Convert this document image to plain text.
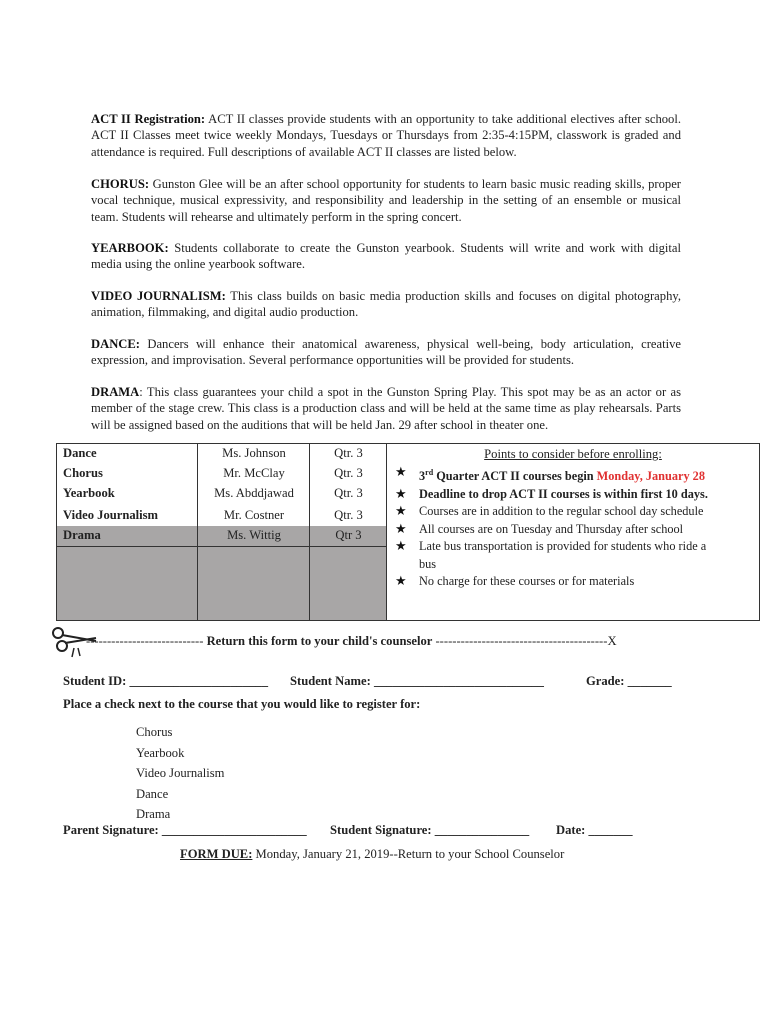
ACT II Registration: ACT II classes provide students with an opportunity to take additional electives after school. ACT II Classes meet twice weekly Mondays, Tuesdays or Thursdays from 2:35-4:15PM, classwork is graded and attendance is required. Full descriptions of available ACT II classes are listed below.

CHORUS: Gunston Glee will be an after school opportunity for students to learn basic music reading skills, proper vocal technique, musical expressivity, and responsibility and leadership in the setting of an ensemble or musical team. Students will rehearse and ultimately perform in the spring concert.

YEARBOOK: Students collaborate to create the Gunston yearbook. Students will write and work with digital media using the online yearbook software.

VIDEO JOURNALISM: This class builds on basic media production skills and focuses on digital photography, animation, filmmaking, and digital audio production.

DANCE: Dancers will enhance their anatomical awareness, physical well-being, body articulation, creative expression, and improvisation. Several performance opportunities will be provided for students.

DRAMA: This class guarantees your child a spot in the Gunston Spring Play. This spot may be as an actor or as member of the stage crew. This class is a production class and will be held at the same time as play rehearsals. Parts will be assigned based on the auditions that will be held Jan. 29 after school in theater one.

Dance	Ms. Johnson	Qtr. 3
Chorus	Mr. McClay	Qtr. 3
Yearbook	Ms. Abddjawad	Qtr. 3
Video Journalism	Mr. Costner	Qtr. 3
Drama	Ms. Wittig	Qtr 3
Points to consider before enrolling:
★ 3rd Quarter ACT II courses begin Monday, January 28
★ Deadline to drop ACT II courses is within first 10 days.
★ Courses are in addition to the regular school day schedule
★ All courses are on Tuesday and Thursday after school
★ Late bus transportation is provided for students who ride a bus
★ No charge for these courses or for materials
---------------------------- Return this form to your child's counselor -----------------------------------------X
Student ID: ______________________ Student Name: ___________________________	Grade: _______
Place a check next to the course that you would like to register for:
Chorus
Yearbook
Video Journalism
Dance
Drama
Parent Signature: _______________________ Student Signature: _______________ Date: _______
FORM DUE: Monday, January 21, 2019--Return to your School Counselor
